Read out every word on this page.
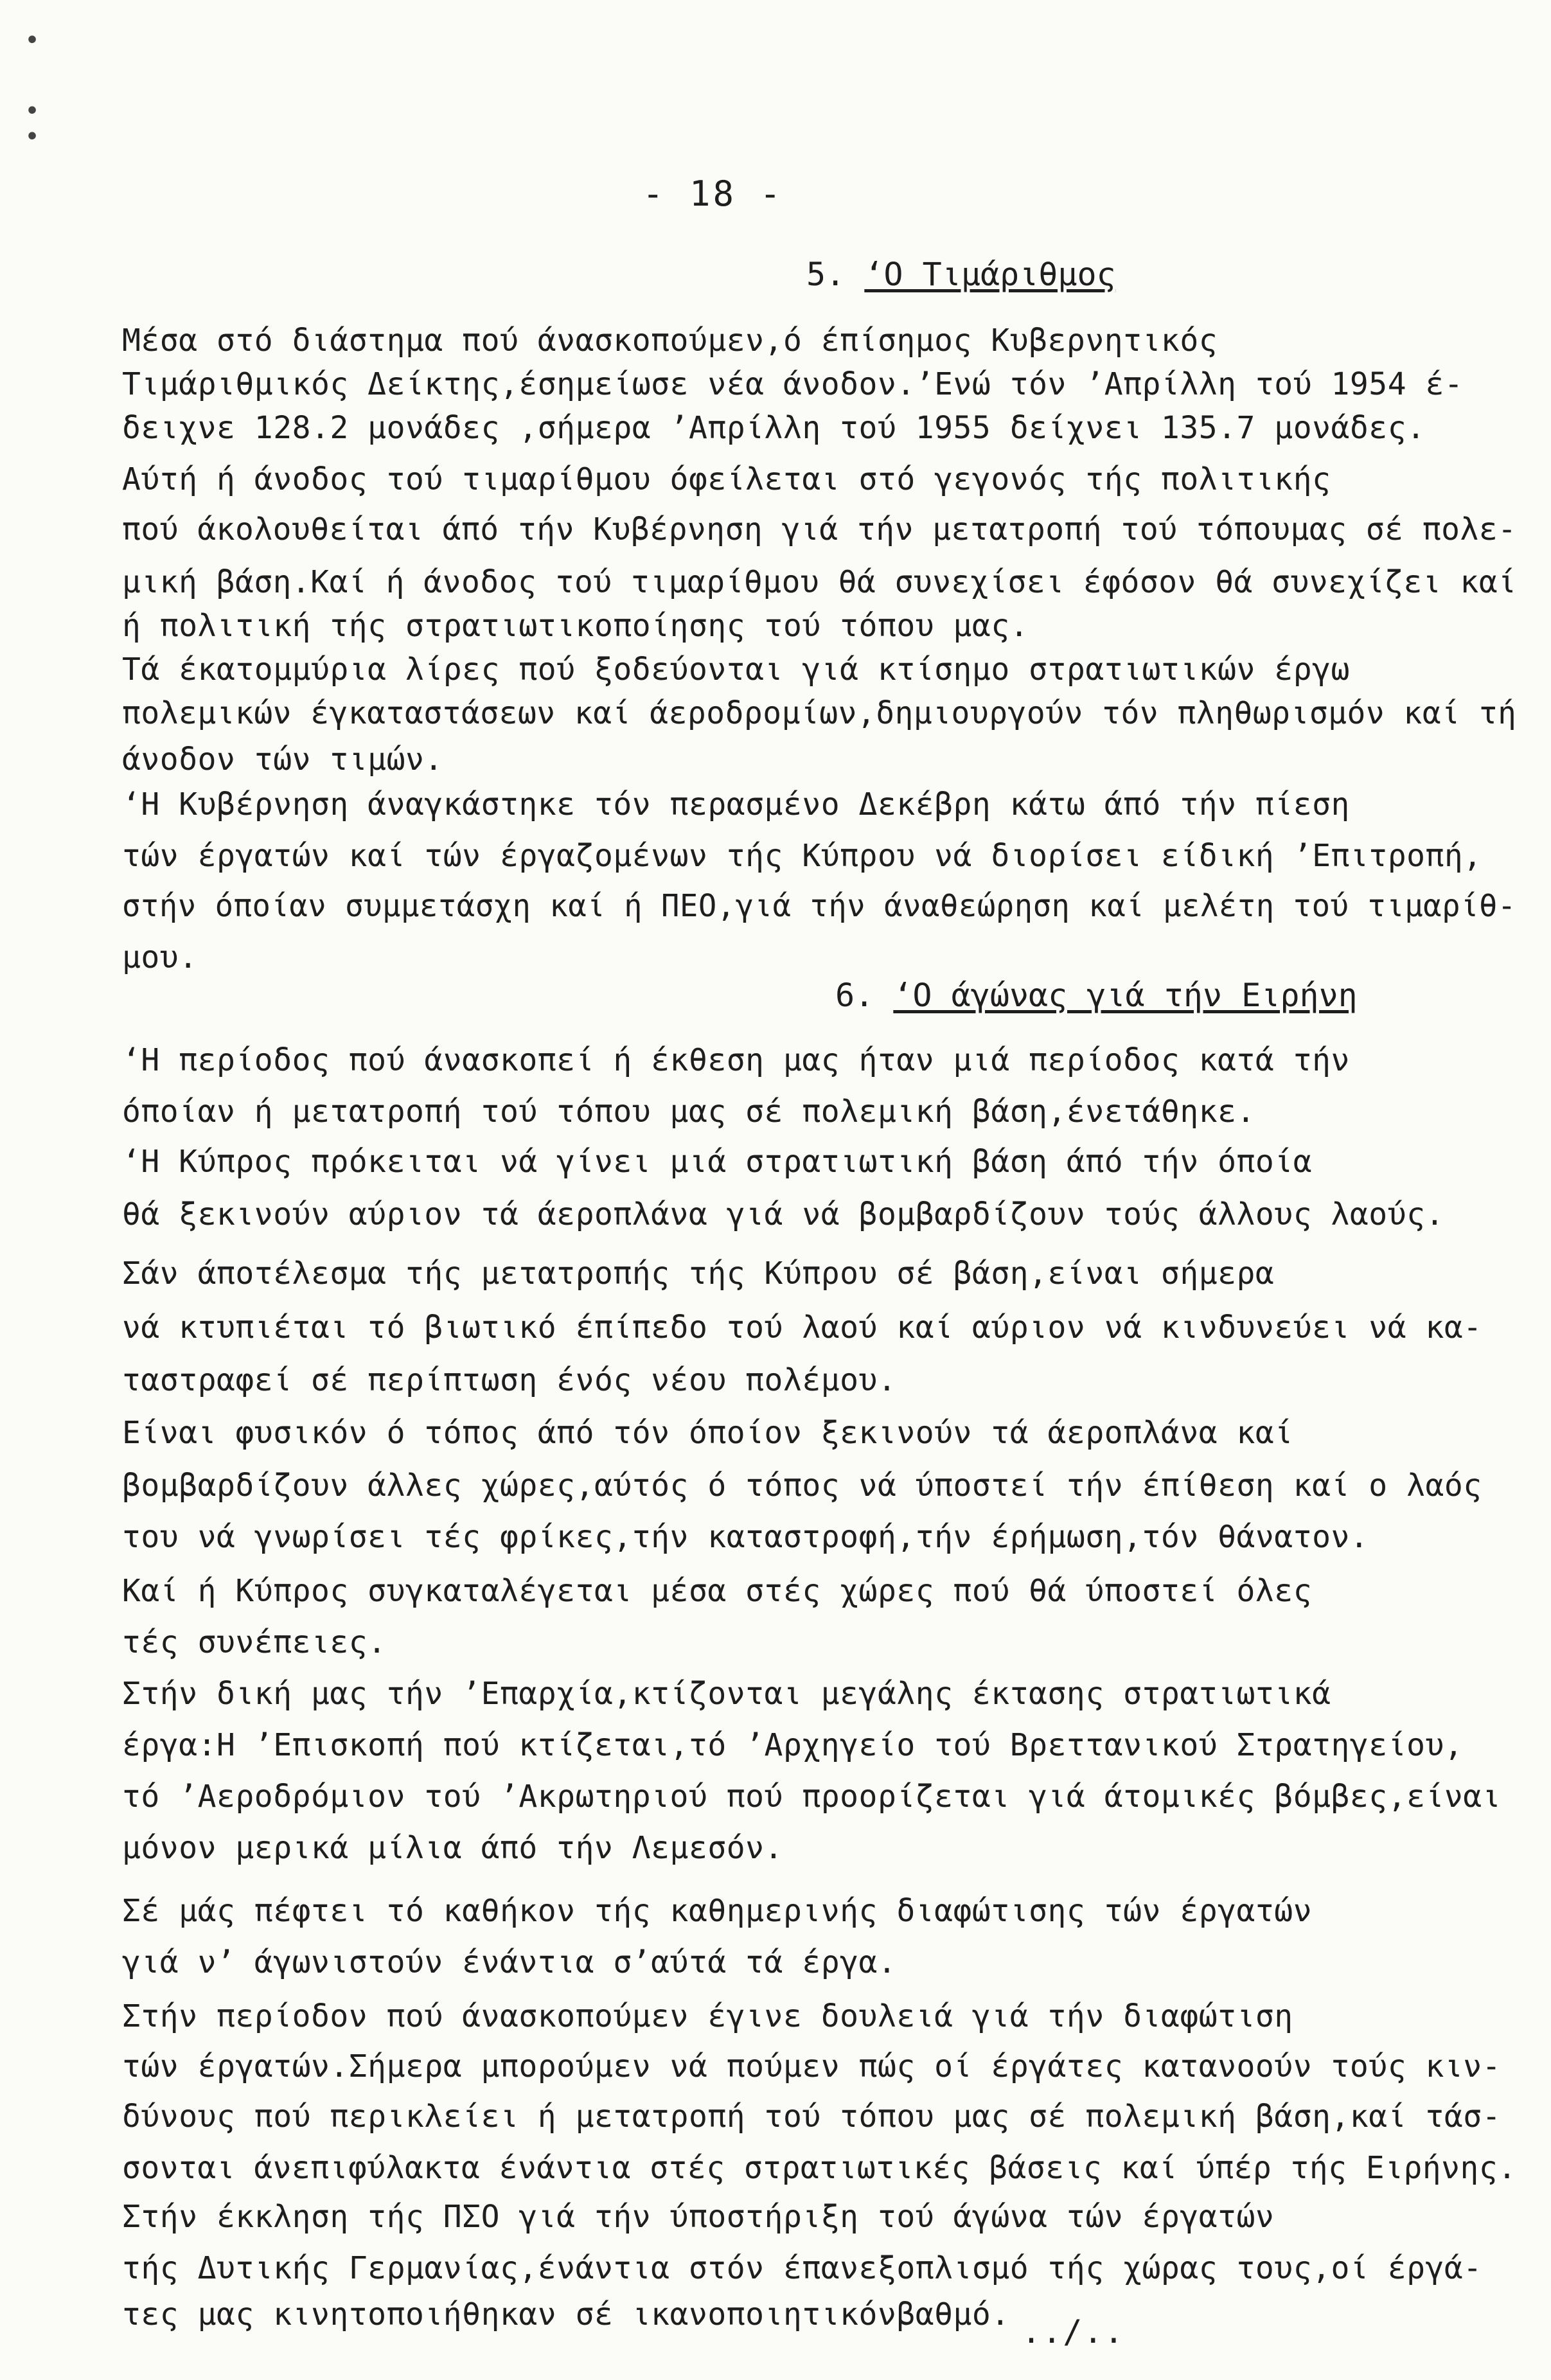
•
•
•
- 18 -
5. ‘Ο Τιμάριθμος
Μέσα στό διάστημα πού άνασκοπούμεν,ό έπίσημος Κυβερνητικός
Τιμάριθμικός Δείκτης,έσημείωσε νέα άνοδον.’Ενώ τόν ’Απρίλλη τού 1954 έ-
δειχνε 128.2 μονάδες ,σήμερα ’Απρίλλη τού 1955 δείχνει 135.7 μονάδες.
Αύτή ή άνοδος τού τιμαρίθμου όφείλεται στό γεγονός τής πολιτικής
πού άκολουθείται άπό τήν Κυβέρνηση γιά τήν μετατροπή τού τόπουμας σέ πολε-
μική βάση.Καί ή άνοδος τού τιμαρίθμου θά συνεχίσει έφόσον θά συνεχίζει καί
ή πολιτική τής στρατιωτικοποίησης τού τόπου μας.
Τά έκατομμύρια λίρες πού ξοδεύονται γιά κτίσημο στρατιωτικών έργω
πολεμικών έγκαταστάσεων καί άεροδρομίων,δημιουργούν τόν πληθωρισμόν καί τή
άνοδον τών τιμών.
‘Η Κυβέρνηση άναγκάστηκε τόν περασμένο Δεκέβρη κάτω άπό τήν πίεση
τών έργατών καί τών έργαζομένων τής Κύπρου νά διορίσει είδική ’Επιτροπή,
στήν όποίαν συμμετάσχη καί ή ΠΕΟ,γιά τήν άναθεώρηση καί μελέτη τού τιμαρίθ-
μου.
6. ‘Ο άγώνας γιά τήν Ειρήνη
‘Η περίοδος πού άνασκοπεί ή έκθεση μας ήταν μιά περίοδος κατά τήν
όποίαν ή μετατροπή τού τόπου μας σέ πολεμική βάση,ένετάθηκε.
‘Η Κύπρος πρόκειται νά γίνει μιά στρατιωτική βάση άπό τήν όποία
θά ξεκινούν αύριον τά άεροπλάνα γιά νά βομβαρδίζουν τούς άλλους λαούς.
Σάν άποτέλεσμα τής μετατροπής τής Κύπρου σέ βάση,είναι σήμερα
νά κτυπιέται τό βιωτικό έπίπεδο τού λαού καί αύριον νά κινδυνεύει νά κα-
ταστραφεί σέ περίπτωση ένός νέου πολέμου.
Είναι φυσικόν ό τόπος άπό τόν όποίον ξεκινούν τά άεροπλάνα καί
βομβαρδίζουν άλλες χώρες,αύτός ό τόπος νά ύποστεί τήν έπίθεση καί ο λαός
του νά γνωρίσει τές φρίκες,τήν καταστροφή,τήν έρήμωση,τόν θάνατον.
Καί ή Κύπρος συγκαταλέγεται μέσα στές χώρες πού θά ύποστεί όλες
τές συνέπειες.
Στήν δική μας τήν ’Επαρχία,κτίζονται μεγάλης έκτασης στρατιωτικά
έργα:Η ’Επισκοπή πού κτίζεται,τό ’Αρχηγείο τού Βρεττανικού Στρατηγείου,
τό ’Αεροδρόμιον τού ’Ακρωτηριού πού προορίζεται γιά άτομικές βόμβες,είναι
μόνον μερικά μίλια άπό τήν Λεμεσόν.
Σέ μάς πέφτει τό καθήκον τής καθημερινής διαφώτισης τών έργατών
γιά ν’ άγωνιστούν ένάντια σ’αύτά τά έργα.
Στήν περίοδον πού άνασκοπούμεν έγινε δουλειά γιά τήν διαφώτιση
τών έργατών.Σήμερα μπορούμεν νά πούμεν πώς οί έργάτες κατανοούν τούς κιν-
δύνους πού περικλείει ή μετατροπή τού τόπου μας σέ πολεμική βάση,καί τάσ-
σονται άνεπιφύλακτα ένάντια στές στρατιωτικές βάσεις καί ύπέρ τής Ειρήνης.
Στήν έκκληση τής ΠΣΟ γιά τήν ύποστήριξη τού άγώνα τών έργατών
τής Δυτικής Γερμανίας,ένάντια στόν έπανεξοπλισμό τής χώρας τους,οί έργά-
τες μας κινητοποιήθηκαν σέ ικανοποιητικόνβαθμό. ../..
